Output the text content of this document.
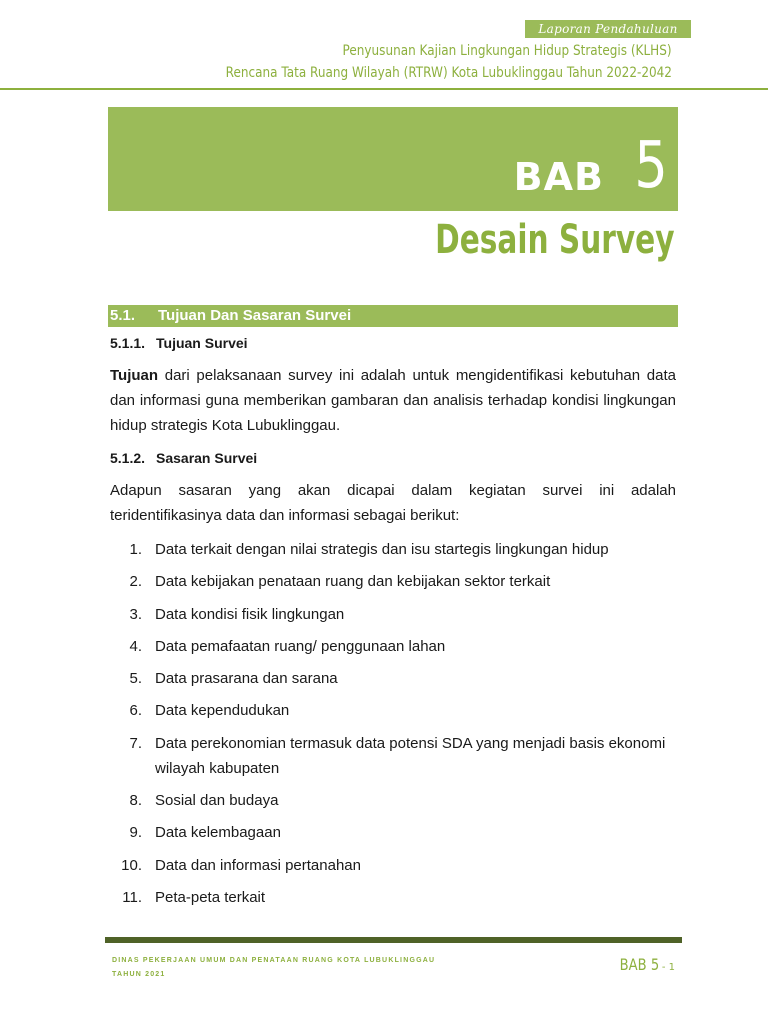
Laporan Pendahuluan
Penyusunan Kajian Lingkungan Hidup Strategis (KLHS)
Rencana Tata Ruang Wilayah (RTRW) Kota Lubuklinggau Tahun 2022-2042
BAB 5
Desain Survey
5.1. Tujuan Dan Sasaran Survei
5.1.1. Tujuan Survei
Tujuan dari pelaksanaan survey ini adalah untuk mengidentifikasi kebutuhan data dan informasi guna memberikan gambaran dan analisis terhadap kondisi lingkungan hidup strategis Kota Lubuklinggau.
5.1.2. Sasaran Survei
Adapun sasaran yang akan dicapai dalam kegiatan survei ini adalah teridentifikasinya data dan informasi sebagai berikut:
1. Data terkait dengan nilai strategis dan isu startegis lingkungan hidup
2. Data kebijakan penataan ruang dan kebijakan sektor terkait
3. Data kondisi fisik lingkungan
4. Data pemafaatan ruang/ penggunaan lahan
5. Data prasarana dan sarana
6. Data kependudukan
7. Data perekonomian termasuk data potensi SDA yang menjadi basis ekonomi wilayah kabupaten
8. Sosial dan budaya
9. Data kelembagaan
10. Data dan informasi pertanahan
11. Peta-peta terkait
DINAS PEKERJAAN UMUM DAN PENATAAN RUANG KOTA LUBUKLINGGAU
TAHUN 2021
BAB 5 - 1
